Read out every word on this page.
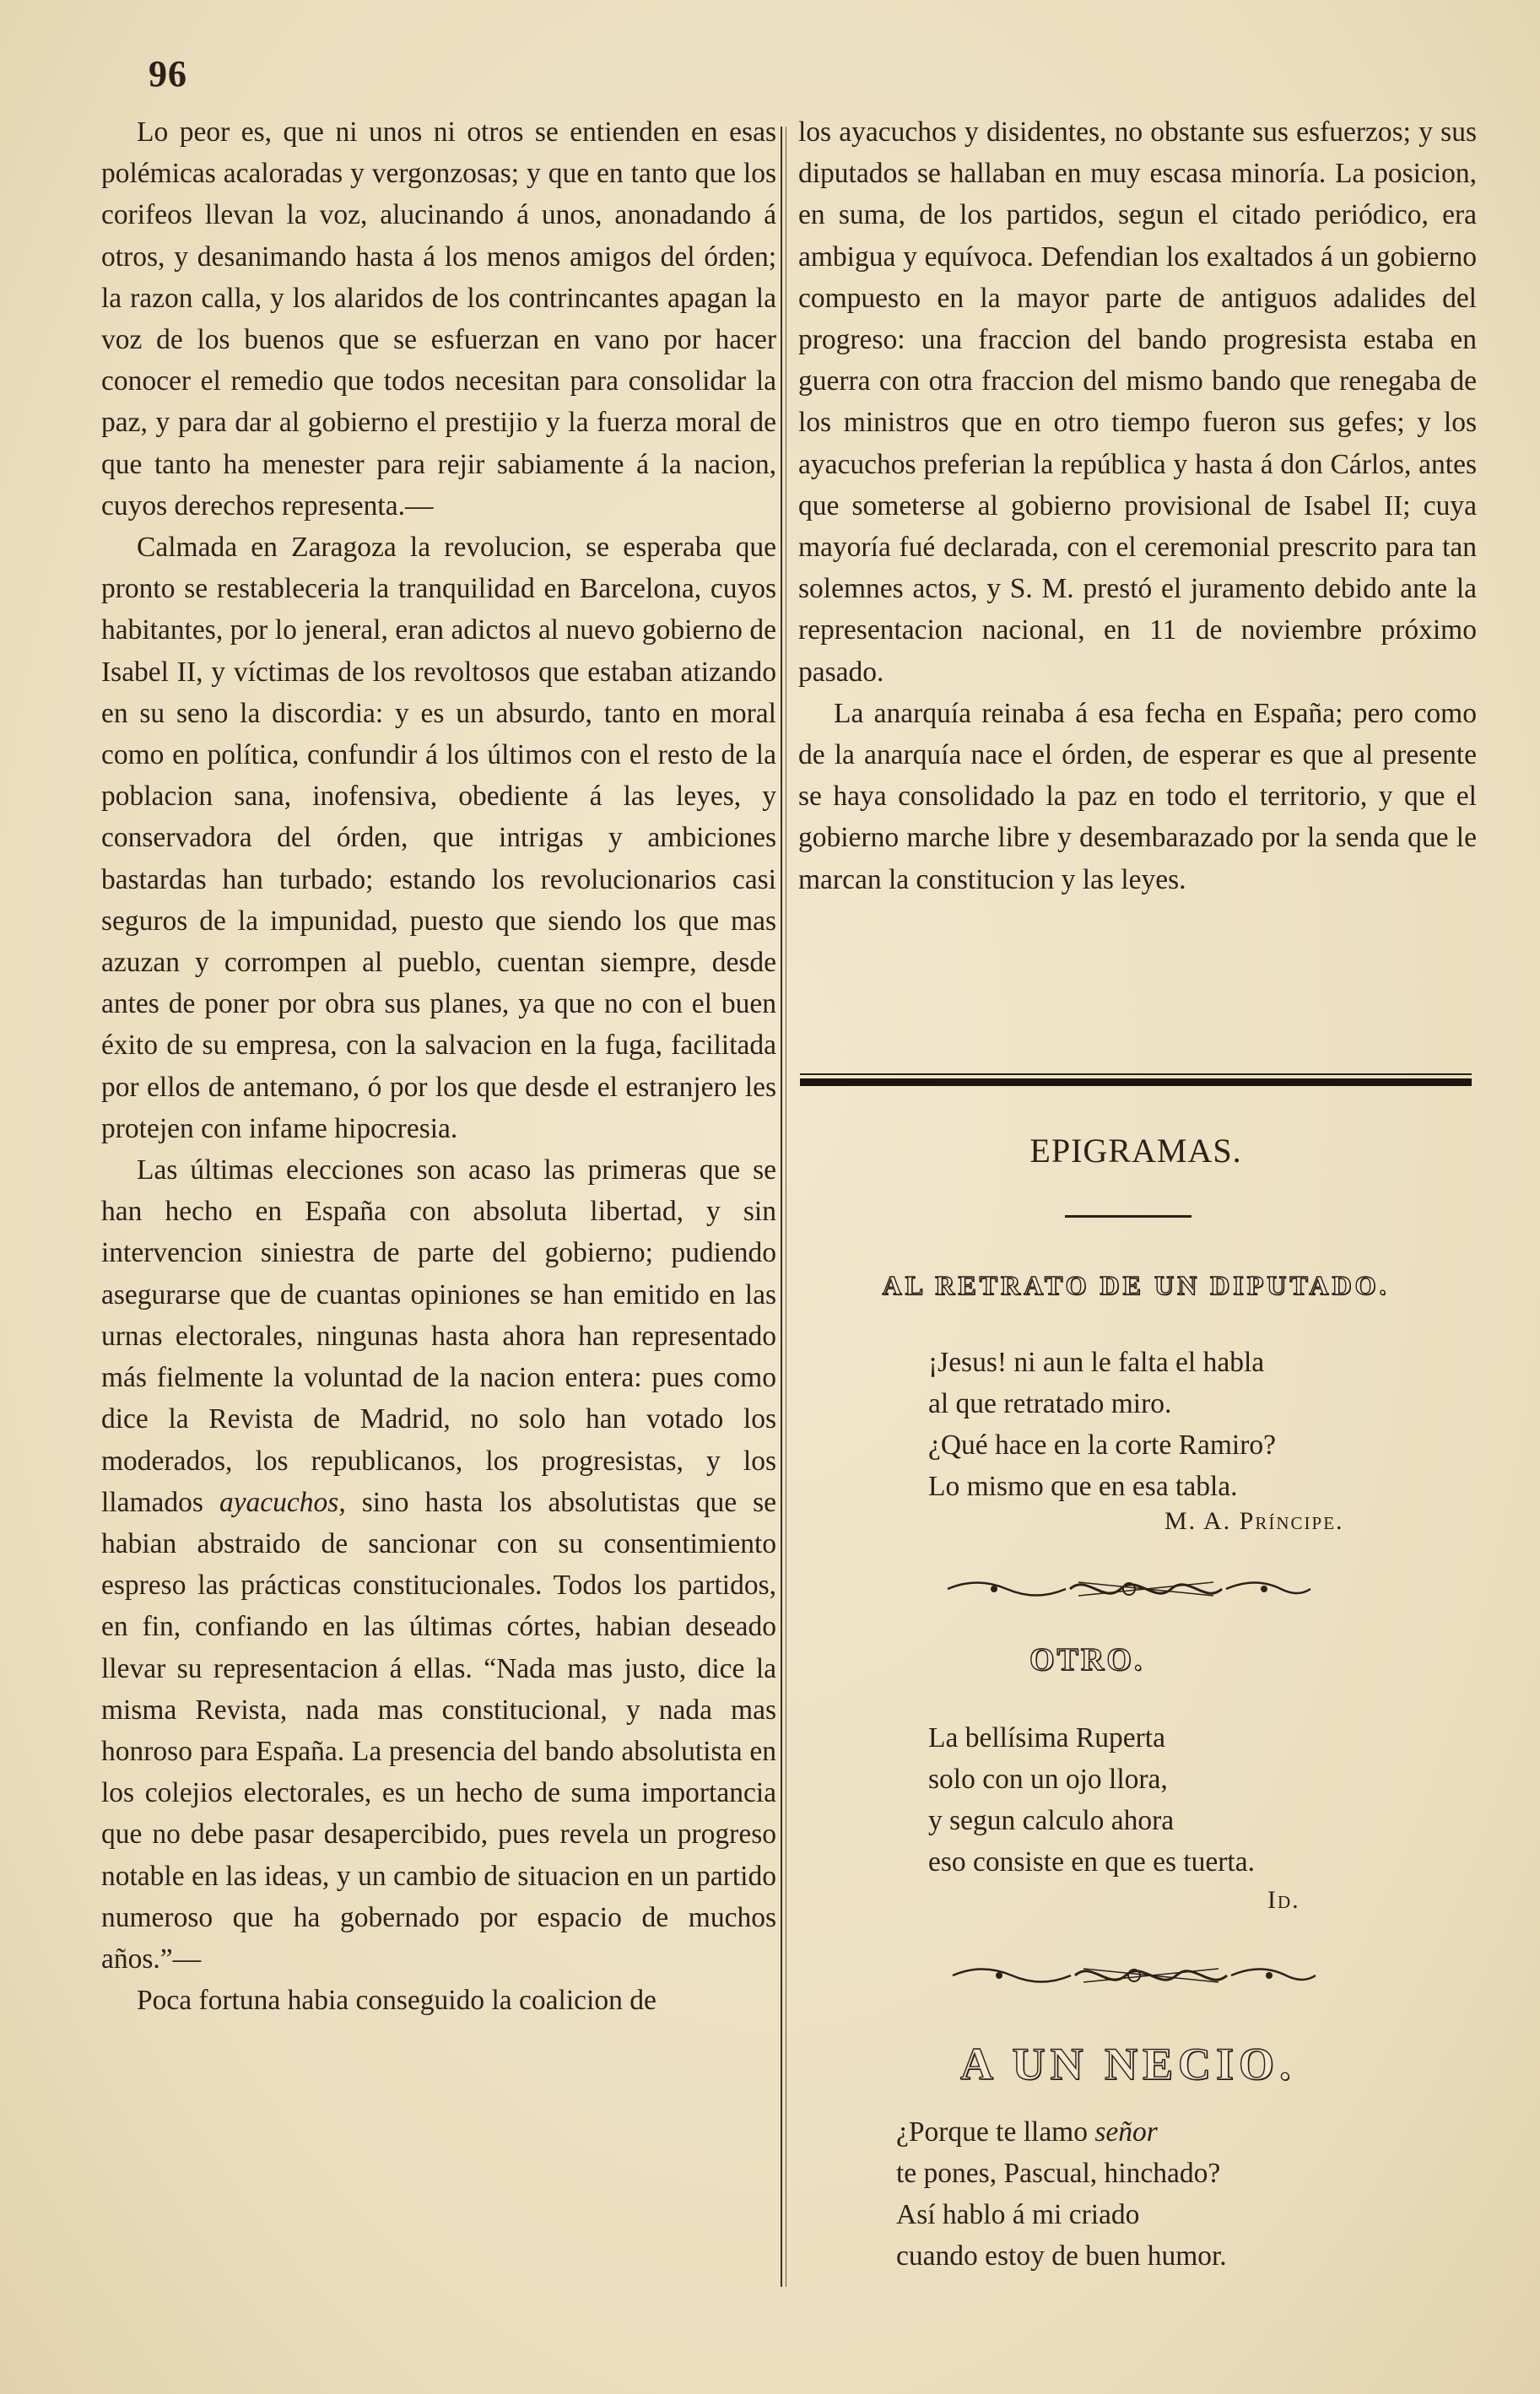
96

Lo peor es, que ni unos ni otros se entienden en esas polémicas acaloradas y vergonzosas; y que en tanto que los corifeos llevan la voz, alucinando á unos, anonadando á otros, y desanimando hasta á los menos amigos del órden; la razon calla, y los alaridos de los contrincantes apagan la voz de los buenos que se esfuerzan en vano por hacer conocer el remedio que todos necesitan para consolidar la paz, y para dar al gobierno el prestijio y la fuerza moral de que tanto ha menester para rejir sabiamente á la nacion, cuyos derechos representa.—

Calmada en Zaragoza la revolucion, se esperaba que pronto se restableceria la tranquilidad en Barcelona, cuyos habitantes, por lo jeneral, eran adictos al nuevo gobierno de Isabel II, y víctimas de los revoltosos que estaban atizando en su seno la discordia: y es un absurdo, tanto en moral como en política, confundir á los últimos con el resto de la poblacion sana, inofensiva, obediente á las leyes, y conservadora del órden, que intrigas y ambiciones bastardas han turbado; estando los revolucionarios casi seguros de la impunidad, puesto que siendo los que mas azuzan y corrompen al pueblo, cuentan siempre, desde antes de poner por obra sus planes, ya que no con el buen éxito de su empresa, con la salvacion en la fuga, facilitada por ellos de antemano, ó por los que desde el estranjero les protejen con infame hipocresia.

Las últimas elecciones son acaso las primeras que se han hecho en España con absoluta libertad, y sin intervencion siniestra de parte del gobierno; pudiendo asegurarse que de cuantas opiniones se han emitido en las urnas electorales, ningunas hasta ahora han representado más fielmente la voluntad de la nacion entera: pues como dice la Revista de Madrid, no solo han votado los moderados, los republicanos, los progresistas, y los llamados ayacuchos, sino hasta los absolutistas que se habian abstraido de sancionar con su consentimiento espreso las prácticas constitucionales. Todos los partidos, en fin, confiando en las últimas córtes, habian deseado llevar su representacion á ellas. “Nada mas justo, dice la misma Revista, nada mas constitucional, y nada mas honroso para España. La presencia del bando absolutista en los colejios electorales, es un hecho de suma importancia que no debe pasar desapercibido, pues revela un progreso notable en las ideas, y un cambio de situacion en un partido numeroso que ha gobernado por espacio de muchos años.”—

Poca fortuna habia conseguido la coalicion de

los ayacuchos y disidentes, no obstante sus esfuerzos; y sus diputados se hallaban en muy escasa minoría. La posicion, en suma, de los partidos, segun el citado periódico, era ambigua y equívoca. Defendian los exaltados á un gobierno compuesto en la mayor parte de antiguos adalides del progreso: una fraccion del bando progresista estaba en guerra con otra fraccion del mismo bando que renegaba de los ministros que en otro tiempo fueron sus gefes; y los ayacuchos preferian la república y hasta á don Cárlos, antes que someterse al gobierno provisional de Isabel II; cuya mayoría fué declarada, con el ceremonial prescrito para tan solemnes actos, y S. M. prestó el juramento debido ante la representacion nacional, en 11 de noviembre próximo pasado.

La anarquía reinaba á esa fecha en España; pero como de la anarquía nace el órden, de esperar es que al presente se haya consolidado la paz en todo el territorio, y que el gobierno marche libre y desembarazado por la senda que le marcan la constitucion y las leyes.

EPIGRAMAS.
AL RETRATO DE UN DIPUTADO.
¡Jesus! ni aun le falta el habla
al que retratado miro.
¿Qué hace en la corte Ramiro?
Lo mismo que en esa tabla.
M. A. Príncipe.
OTRO.
La bellísima Ruperta
solo con un ojo llora,
y segun calculo ahora
eso consiste en que es tuerta.
Id.
A UN NECIO.
¿Porque te llamo señor
te pones, Pascual, hinchado?
Así hablo á mi criado
cuando estoy de buen humor.
